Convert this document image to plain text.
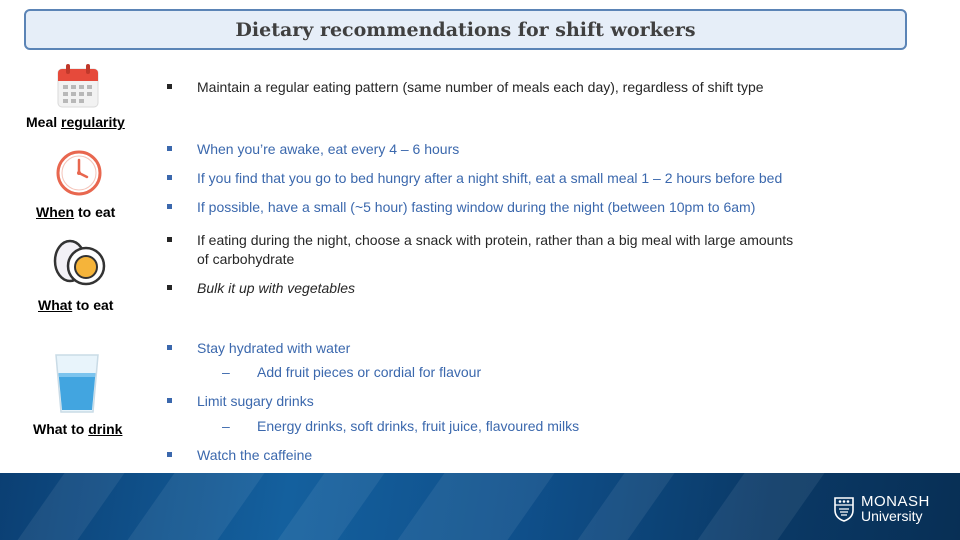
Dietary recommendations for shift workers
Meal regularity
When to eat
What to eat
What to drink
Maintain a regular eating pattern (same number of meals each day), regardless of shift type
When you’re awake, eat every 4 – 6 hours
If you find that you go to bed hungry after a night shift, eat a small meal 1 – 2 hours before bed
If possible, have a small (~5 hour) fasting window during the night (between 10pm to 6am)
If eating during the night, choose a snack with protein, rather than a big meal with large amounts
of carbohydrate
Bulk it up with vegetables
Stay hydrated with water
–	Add fruit pieces or cordial for flavour
Limit sugary drinks
–	Energy drinks, soft drinks, fruit juice, flavoured milks
Watch the caffeine
MONASH
University
